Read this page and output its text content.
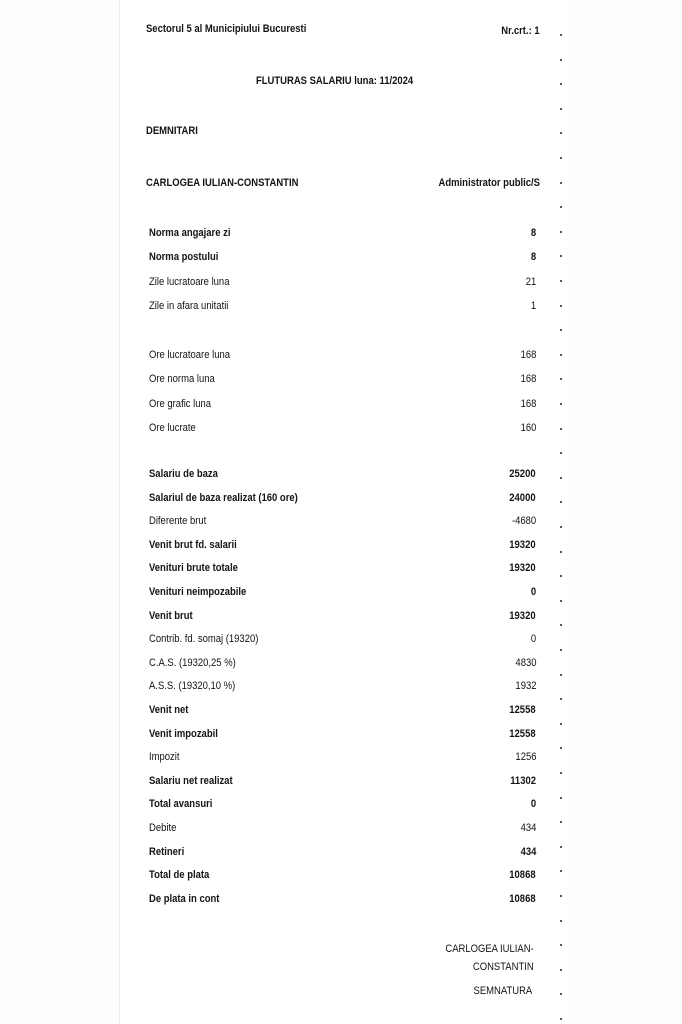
Sectorul 5 al Municipiului Bucuresti	Nr.crt.: 1
FLUTURAS SALARIU luna: 11/2024
DEMNITARI
CARLOGEA IULIAN-CONSTANTIN	Administrator public/S
Norma angajare zi	8
Norma postului	8
Zile lucratoare luna	21
Zile in afara unitatii	1
Ore lucratoare luna	168
Ore norma luna	168
Ore grafic luna	168
Ore lucrate	160
Salariu de baza	25200
Salariul de baza realizat (160 ore)	24000
Diferente brut	-4680
Venit brut fd. salarii	19320
Venituri brute totale	19320
Venituri neimpozabile	0
Venit brut	19320
Contrib. fd. somaj (19320)	0
C.A.S. (19320,25 %)	4830
A.S.S. (19320,10 %)	1932
Venit net	12558
Venit impozabil	12558
Impozit	1256
Salariu net realizat	11302
Total avansuri	0
Debite	434
Retineri	434
Total de plata	10868
De plata in cont	10868
CARLOGEA IULIAN-
CONSTANTIN
SEMNATURA
